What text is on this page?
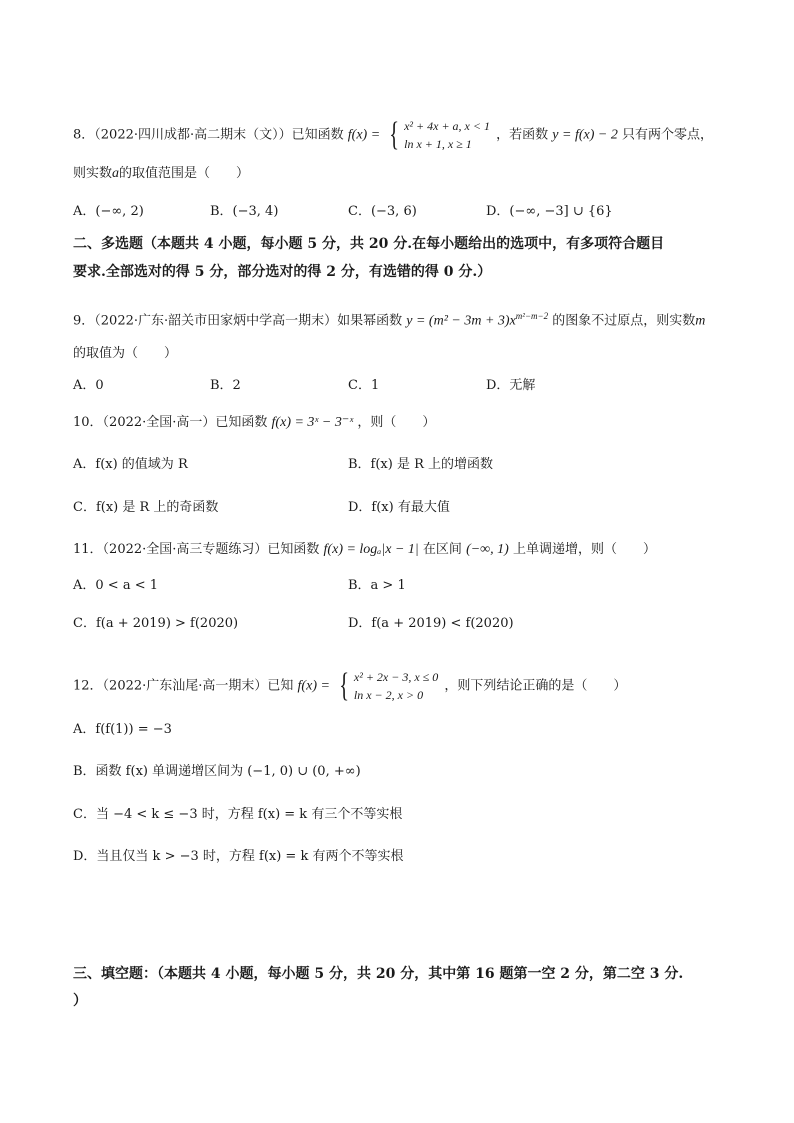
8．（2022·四川成都·高二期末（文））已知函数 f(x) = { x² + 4x + a, x < 1
ln x + 1, x ≥ 1
，若函数 y = f(x) − 2 只有两个零点，
则实数a的取值范围是（　　）
A．(−∞, 2)	B．(−3, 4)	C．(−3, 6)	D．(−∞, −3] ∪ {6}
二、多选题（本题共 4 小题，每小题 5 分，共 20 分.在每小题给出的选项中，有多项符合题目
要求.全部选对的得 5 分，部分选对的得 2 分，有选错的得 0 分.）
9．（2022·广东·韶关市田家炳中学高一期末）如果幂函数 $y = (m^2 - 3m + 3)x^{m^2-m-2}$ 的图象不过原点，则实数m
的取值为（　　）
A．0	B．2	C．1	D．无解
10．（2022·全国·高一）已知函数 f(x) = 3ˣ − 3⁻ˣ ，则（　　）
A．f(x) 的值域为 R	B．f(x) 是 R 上的增函数
C．f(x) 是 R 上的奇函数	D．f(x) 有最大值
11．（2022·全国·高三专题练习）已知函数 f(x) = logₐ|x − 1| 在区间 (−∞, 1) 上单调递增，则（　　）
A．0 < a < 1	B．a > 1
C．f(a + 2019) > f(2020)	D．f(a + 2019) < f(2020)
12．（2022·广东汕尾·高一期末）已知 f(x) = { x² + 2x − 3, x ≤ 0
ln x − 2, x > 0
，则下列结论正确的是（　　）
A．f(f(1)) = −3
B．函数 f(x) 单调递增区间为 (−1, 0) ∪ (0, +∞)
C．当 −4 < k ≤ −3 时，方程 f(x) = k 有三个不等实根
D．当且仅当 k > −3 时，方程 f(x) = k 有两个不等实根
三、填空题：（本题共 4 小题，每小题 5 分，共 20 分，其中第 16 题第一空 2 分，第二空 3 分.
）
